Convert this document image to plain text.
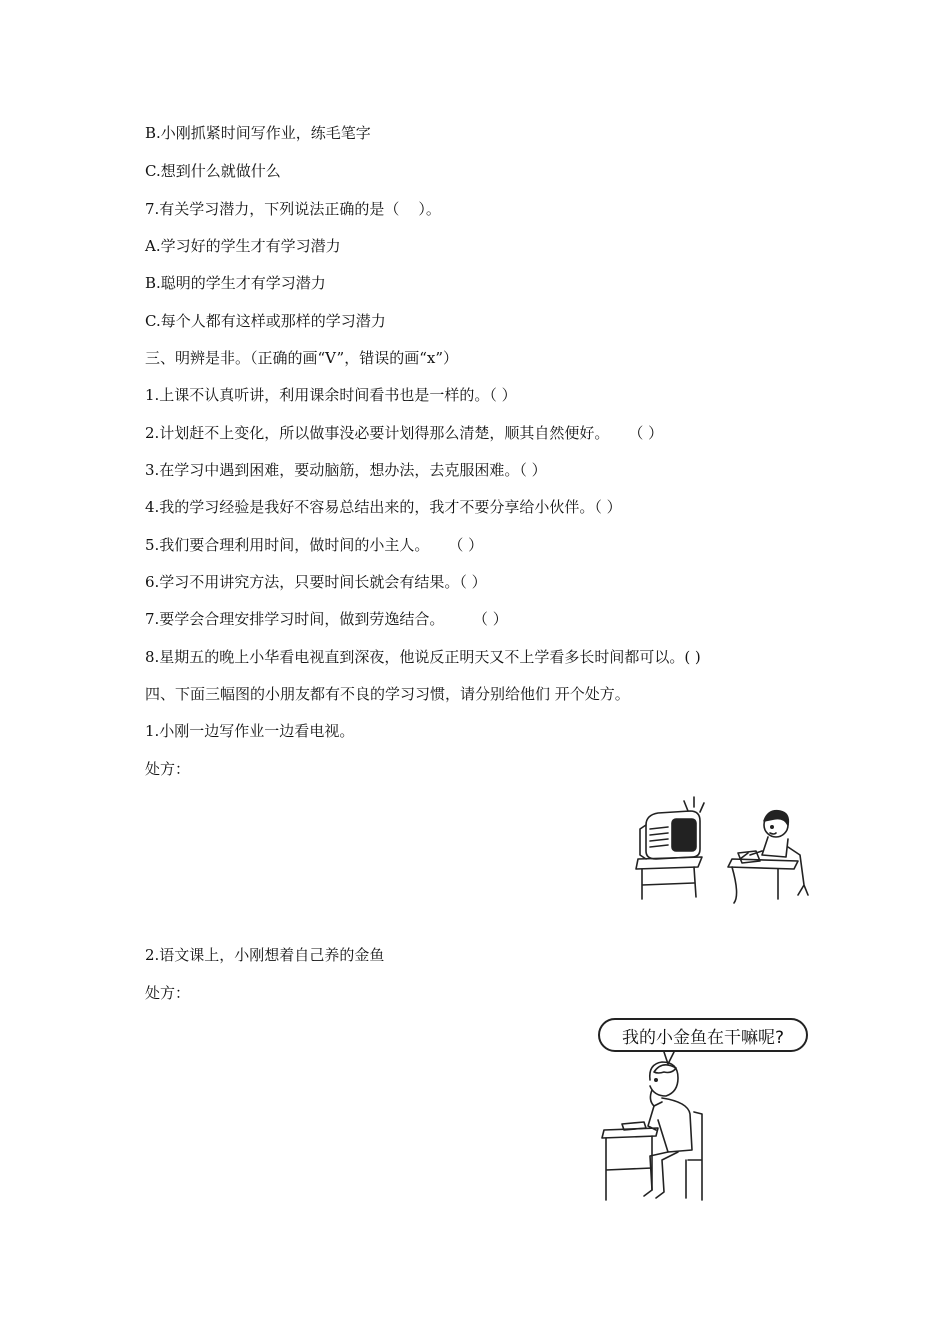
B.小刚抓紧时间写作业，练毛笔字
C.想到什么就做什么
7.有关学习潜力，下列说法正确的是（    ）。
A.学习好的学生才有学习潜力
B.聪明的学生才有学习潜力
C.每个人都有这样或那样的学习潜力
三、明辨是非。（正确的画“V”，错误的画“x”）
1.上课不认真听讲，利用课余时间看书也是一样的。（ ）
2.计划赶不上变化，所以做事没必要计划得那么清楚，顺其自然便好。    （ ）
3.在学习中遇到困难，要动脑筋，想办法，去克服困难。（ ）
4.我的学习经验是我好不容易总结出来的，我才不要分享给小伙伴。（ ）
5.我们要合理利用时间，做时间的小主人。    （ ）
6.学习不用讲究方法，只要时间长就会有结果。（ ）
7.要学会合理安排学习时间，做到劳逸结合。      （ ）
8.星期五的晚上小华看电视直到深夜，他说反正明天又不上学看多长时间都可以。( )
四、下面三幅图的小朋友都有不良的学习习惯，请分别给他们 开个处方。
1.小刚一边写作业一边看电视。
处方：
2.语文课上，小刚想着自己养的金鱼
处方：
我的小金鱼在干嘛呢?
